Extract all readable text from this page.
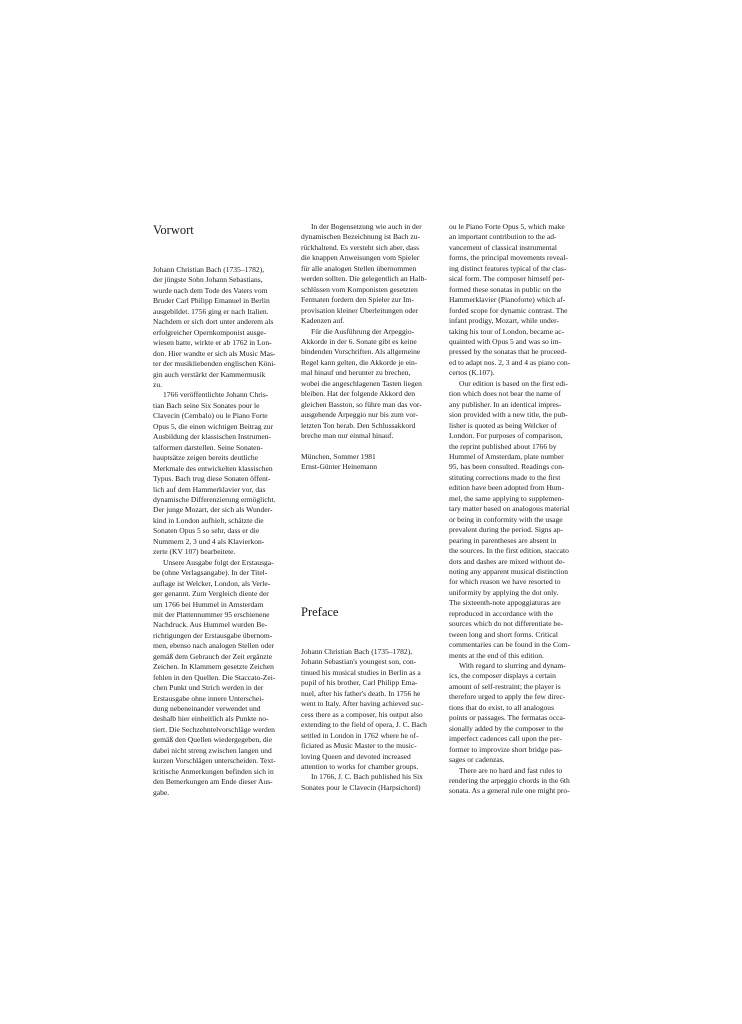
Vorwort
Johann Christian Bach (1735–1782),
der jüngste Sohn Johann Sebastians,
wurde nach dem Tode des Vaters vom
Bruder Carl Philipp Emanuel in Berlin
ausgebildet. 1756 ging er nach Italien.
Nachdem er sich dort unter anderem als
erfolgreicher Opernkomponist ausge-
wiesen hatte, wirkte er ab 1762 in Lon-
don. Hier wandte er sich als Music Mas-
ter der musikliebenden englischen Köni-
gin auch verstärkt der Kammermusik
zu.
1766 veröffentlichte Johann Chris-
tian Bach seine Six Sonates pour le
Clavecin (Cembalo) ou le Piano Forte
Opus 5, die einen wichtigen Beitrag zur
Ausbildung der klassischen Instrumen-
talformen darstellen. Seine Sonaten-
hauptsätze zeigen bereits deutliche
Merkmale des entwickelten klassischen
Typus. Bach trug diese Sonaten öffent-
lich auf dem Hammerklavier vor, das
dynamische Differenzierung ermöglicht.
Der junge Mozart, der sich als Wunder-
kind in London aufhielt, schätzte die
Sonaten Opus 5 so sehr, dass er die
Nummern 2, 3 und 4 als Klavierkon-
zerte (KV 107) bearbeitete.
Unsere Ausgabe folgt der Erstausga-
be (ohne Verlagsangabe). In der Titel-
auflage ist Welcker, London, als Verle-
ger genannt. Zum Vergleich diente der
um 1766 bei Hummel in Amsterdam
mit der Plattennummer 95 erschienene
Nachdruck. Aus Hummel wurden Be-
richtigungen der Erstausgabe übernom-
men, ebenso nach analogen Stellen oder
gemäß dem Gebrauch der Zeit ergänzte
Zeichen. In Klammern gesetzte Zeichen
fehlen in den Quellen. Die Staccato-Zei-
chen Punkt und Strich werden in der
Erstausgabe ohne innere Unterschei-
dung nebeneinander verwendet und
deshalb hier einheitlich als Punkte no-
tiert. Die Sechzehntelvorschläge werden
gemäß den Quellen wiedergegeben, die
dabei nicht streng zwischen langen und
kurzen Vorschlägen unterscheiden. Text-
kritische Anmerkungen befinden sich in
den Bemerkungen am Ende dieser Aus-
gabe.
In der Bogensetzung wie auch in der
dynamischen Bezeichnung ist Bach zu-
rückhaltend. Es versteht sich aber, dass
die knappen Anweisungen vom Spieler
für alle analogen Stellen übernommen
werden sollten. Die gelegentlich an Halb-
schlüssen vom Komponisten gesetzten
Fermaten fordern den Spieler zur Im-
provisation kleiner Überleitungen oder
Kadenzen auf.
Für die Ausführung der Arpeggio-
Akkorde in der 6. Sonate gibt es keine
bindenden Vorschriften. Als allgemeine
Regel kann gelten, die Akkorde je ein-
mal hinauf und herunter zu brechen,
wobei die angeschlagenen Tasten liegen
bleiben. Hat der folgende Akkord den
gleichen Basston, so führe man das vor-
ausgehende Arpeggio nur bis zum vor-
letzten Ton herab. Den Schlussakkord
breche man nur einmal hinauf.
München, Sommer 1981
Ernst-Günter Heinemann
Preface
Johann Christian Bach (1735–1782),
Johann Sebastian's youngest son, con-
tinued his musical studies in Berlin as a
pupil of his brother, Carl Philipp Ema-
nuel, after his father's death. In 1756 he
went to Italy. After having achieved suc-
cess there as a composer, his output also
extending to the field of opera, J. C. Bach
settled in London in 1762 where he of-
ficiated as Music Master to the music-
loving Queen and devoted increased
attention to works for chamber groups.
In 1766, J. C. Bach published his Six
Sonates pour le Clavecin (Harpsichord)
ou le Piano Forte Opus 5, which make
an important contribution to the ad-
vancement of classical instrumental
forms, the principal movements reveal-
ing distinct features typical of the clas-
sical form. The composer himself per-
formed these sonatas in public on the
Hammerklavier (Pianoforte) which af-
forded scope for dynamic contrast. The
infant prodigy, Mozart, while under-
taking his tour of London, became ac-
quainted with Opus 5 and was so im-
pressed by the sonatas that he proceed-
ed to adapt nos. 2, 3 and 4 as piano con-
certos (K.107).
Our edition is based on the first edi-
tion which does not bear the name of
any publisher. In an identical impres-
sion provided with a new title, the pub-
lisher is quoted as being Welcker of
London. For purposes of comparison,
the reprint published about 1766 by
Hummel of Amsterdam, plate number
95, has been consulted. Readings con-
stituting corrections made to the first
edition have been adopted from Hum-
mel, the same applying to supplemen-
tary matter based on analogous material
or being in conformity with the usage
prevalent during the period. Signs ap-
pearing in parentheses are absent in
the sources. In the first edition, staccato
dots and dashes are mixed without de-
noting any apparent musical distinction
for which reason we have resorted to
uniformity by applying the dot only.
The sixteenth-note appoggiaturas are
reproduced in accordance with the
sources which do not differentiate be-
tween long and short forms. Critical
commentaries can be found in the Com-
ments at the end of this edition.
With regard to slurring and dynam-
ics, the composer displays a certain
amount of self-restraint; the player is
therefore urged to apply the few direc-
tions that do exist, to all analogous
points or passages. The fermatas occa-
sionally added by the composer to the
imperfect cadences call upon the per-
former to improvize short bridge pas-
sages or cadenzas.
There are no hard and fast rules to
rendering the arpeggio chords in the 6th
sonata. As a general rule one might pro-
